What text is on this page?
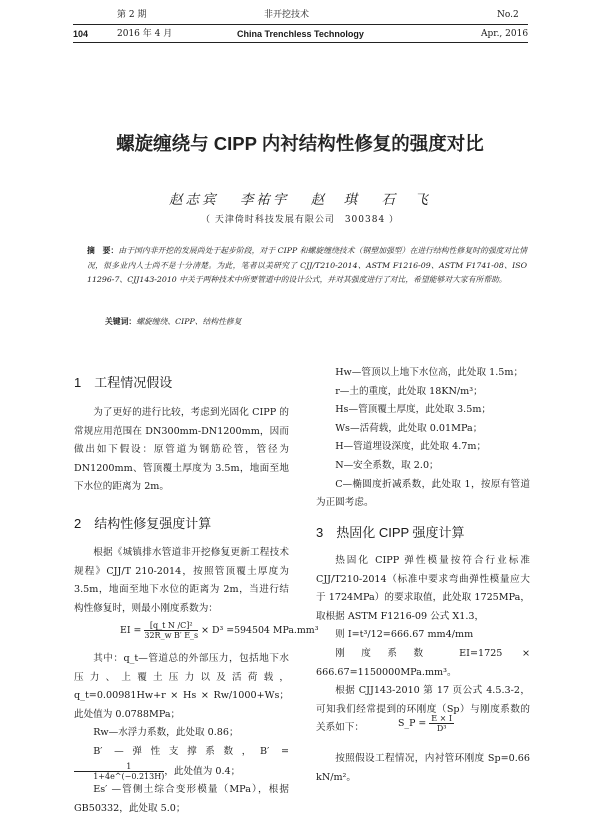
第 2 期	非开挖技术	No.2
104	2016 年 4 月	China Trenchless Technology	Apr., 2016
螺旋缠绕与 CIPP 内衬结构性修复的强度对比
赵志宾 李祐宇 赵　琪 石　飞
（ 天津倚时科技发展有限公司　300384 ）
摘　要：由于国内非开挖的发展尚处于起步阶段，对于 CIPP 和螺旋缠绕技术（钢塑加强型）在进行结构性修复时的强度对比情况，很多业内人士尚不是十分清楚。为此，笔者以美研究了 CJJ/T210-2014、ASTM F1216-09、ASTM F1741-08、ISO 11296-7、CJJ143-2010 中关于两种技术中所要管道中的设计公式，并对其强度进行了对比，希望能够对大家有所帮助。
关键词：螺旋缠绕、CIPP、结构性修复
1　工程情况假设

为了更好的进行比较，考虑到光固化 CIPP 的常规应用范围在 DN300mm-DN1200mm，因而做出如下假设：原管道为钢筋砼管，管径为 DN1200mm、管顶覆土厚度为 3.5m，地面至地下水位的距离为 2m。

2　结构性修复强度计算

根据《城镇排水管道非开挖修复更新工程技术规程》CJJ/T 210-2014，按照管顶覆土厚度为 3.5m，地面至地下水位的距离为 2m，当进行结构性修复时，则最小刚度系数为：

EI = $\frac{\text{[q\_t N /C]²}}{\text{32R\_w B′ E\_s}} \times D^3 =594504$ MPa.mm³

其中：q_t—管道总的外部压力，包括地下水压力、上覆土压力以及活荷载，q_t=0.00981Hw+r × Hs × Rw/1000+Ws；此处值为 0.0788MPa；

Rw—水浮力系数，此处取 0.86；

B′ —弹性支撑系数，B′ =
$\frac{1}{1+4e\^{}(-0.213H)}$ ，此处值为 0.4；

Es′ —管侧土综合变形模量（MPa），根据 GB50332，此处取 5.0；

Hw—管顶以上地下水位高，此处取 1.5m；

r—土的重度，此处取 18KN/m³；

Hs—管顶覆土厚度，此处取 3.5m；

Ws—活荷载，此处取 0.01MPa；

H—管道埋设深度，此处取 4.7m；

N—安全系数，取 2.0；

C—椭圆度折减系数，此处取 1，按原有管道为正圆考虑。

3　热固化 CIPP 强度计算

热固化 CIPP 弹性模量按符合行业标准 CJJ/T210-2014（标准中要求弯曲弹性模量应大于 1724MPa）的要求取值，此处取 1725MPa，取根据 ASTM F1216-09 公式 X1.3，

则 I=t³/12=666.67 mm4/mm

刚度系数 EI=1725 × 666.67=1150000MPa.mm³。

根据 CJJ143-2010 第 17 页公式 4.5.3-2，可知我们经常提到的环刚度（Sp）与刚度系数的关系如下：	S_P = $\frac{E \times I}{\text{D³}}$

按照假设工程情况，内衬管环刚度 Sp=0.66 kN/m²。
